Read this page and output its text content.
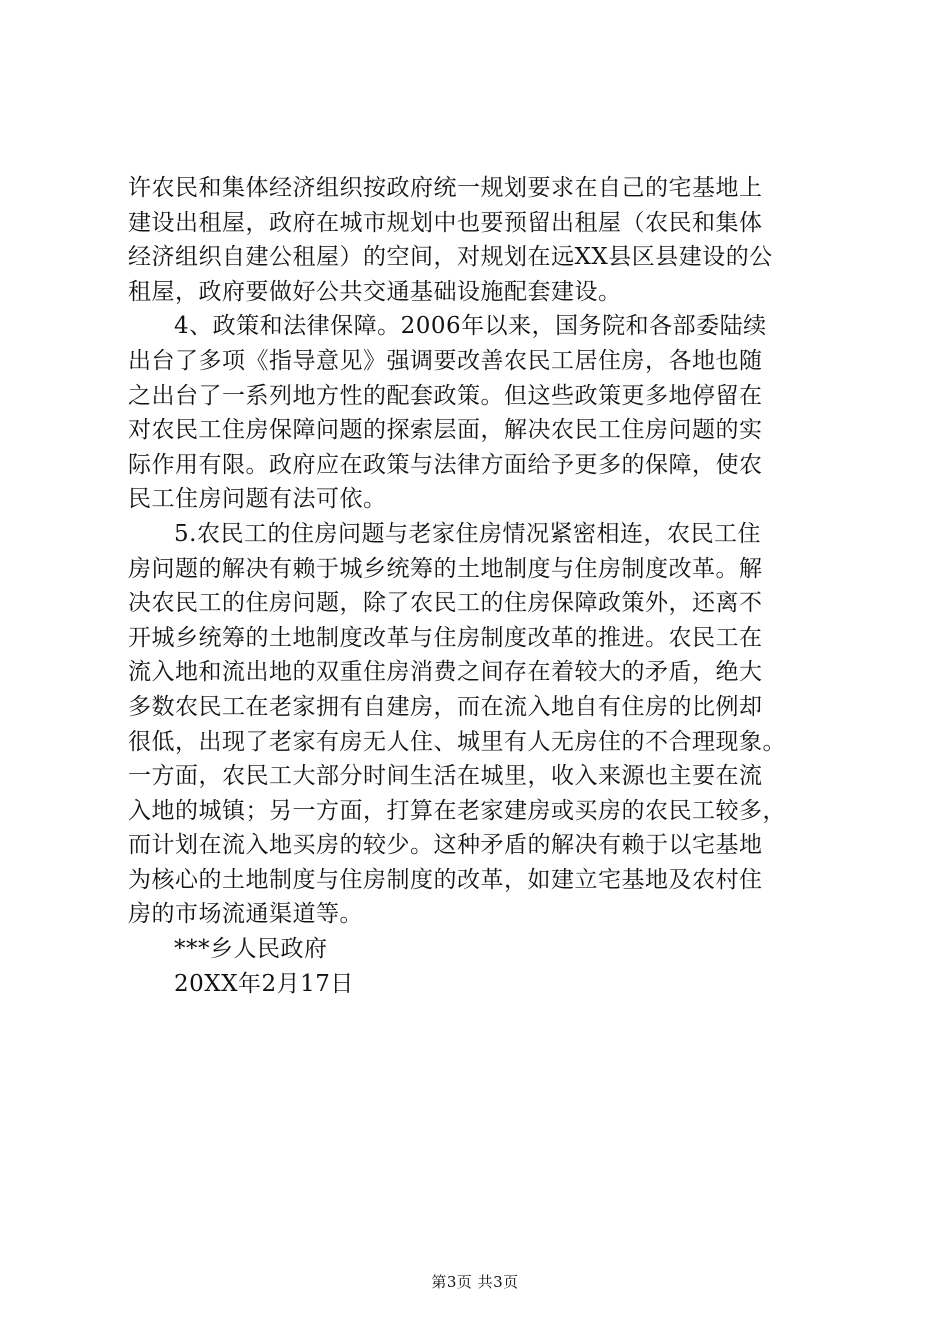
许农民和集体经济组织按政府统一规划要求在自己的宅基地上
建设出租屋，政府在城市规划中也要预留出租屋（农民和集体
经济组织自建公租屋）的空间，对规划在远XX县区县建设的公
租屋，政府要做好公共交通基础设施配套建设。
4、政策和法律保障。2006年以来，国务院和各部委陆续
出台了多项《指导意见》强调要改善农民工居住房，各地也随
之出台了一系列地方性的配套政策。但这些政策更多地停留在
对农民工住房保障问题的探索层面，解决农民工住房问题的实
际作用有限。政府应在政策与法律方面给予更多的保障，使农
民工住房问题有法可依。
5.农民工的住房问题与老家住房情况紧密相连，农民工住
房问题的解决有赖于城乡统筹的土地制度与住房制度改革。解
决农民工的住房问题，除了农民工的住房保障政策外，还离不
开城乡统筹的土地制度改革与住房制度改革的推进。农民工在
流入地和流出地的双重住房消费之间存在着较大的矛盾，绝大
多数农民工在老家拥有自建房，而在流入地自有住房的比例却
很低，出现了老家有房无人住、城里有人无房住的不合理现象。
一方面，农民工大部分时间生活在城里，收入来源也主要在流
入地的城镇；另一方面，打算在老家建房或买房的农民工较多，
而计划在流入地买房的较少。这种矛盾的解决有赖于以宅基地
为核心的土地制度与住房制度的改革，如建立宅基地及农村住
房的市场流通渠道等。
***乡人民政府
20XX年2月17日
第3页 共3页
